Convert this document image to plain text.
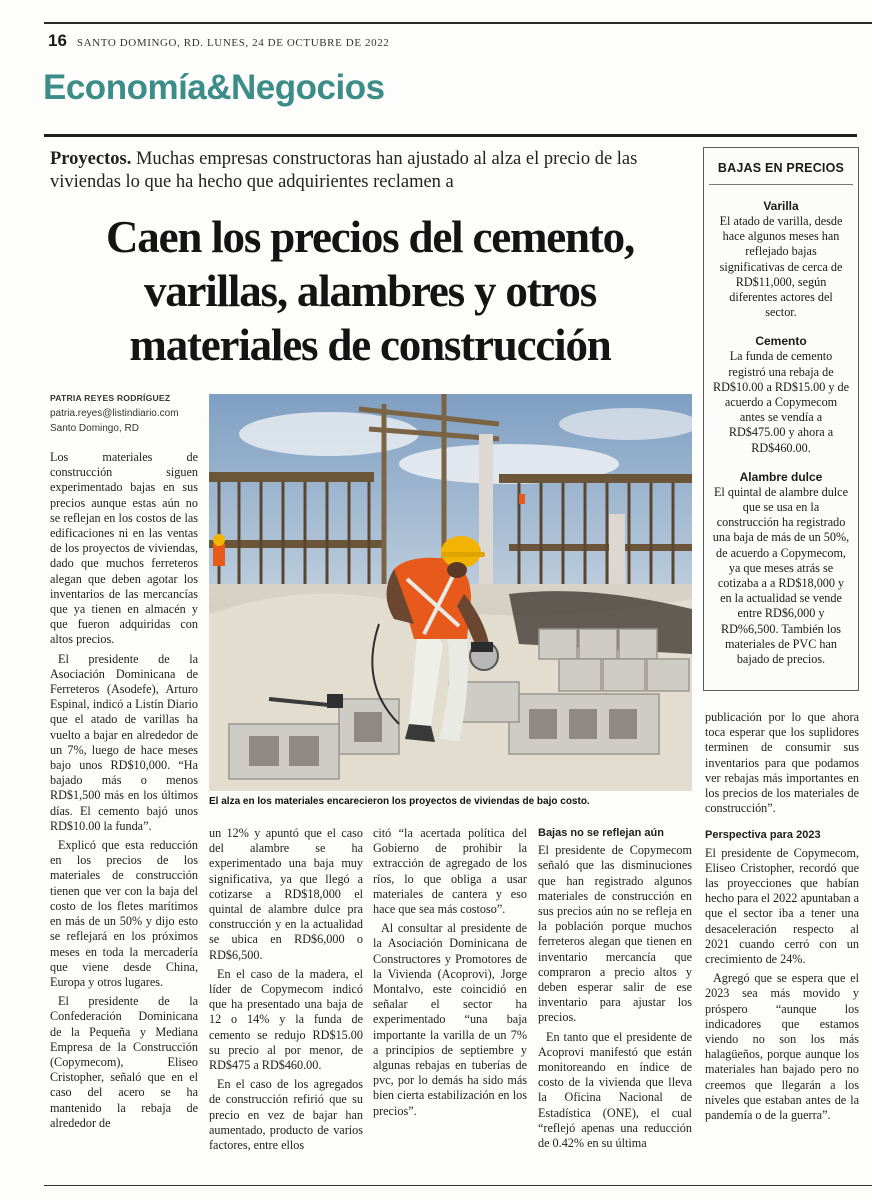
16 SANTO DOMINGO, RD. LUNES, 24 DE OCTUBRE DE 2022
Economía&Negocios
Proyectos. Muchas empresas constructoras han ajustado al alza el precio de las viviendas lo que ha hecho que adquirientes reclamen a
Caen los precios del cemento,
varillas, alambres y otros
materiales de construcción
PATRIA REYES RODRÍGUEZ
patria.reyes@listindiario.com
Santo Domingo, RD
El alza en los materiales encarecieron los proyectos de viviendas de bajo costo.

Los materiales de construcción siguen experimentado bajas en sus precios aunque estas aún no se reflejan en los costos de las edificaciones ni en las ventas de los proyectos de viviendas, dado que muchos ferreteros alegan que deben agotar los inventarios de las mercancías que ya tienen en almacén y que fueron adquiridas con altos precios.

El presidente de la Asociación Dominicana de Ferreteros (Asodefe), Arturo Espinal, indicó a Listín Diario que el atado de varillas ha vuelto a bajar en alrededor de un 7%, luego de hace meses bajo unos RD$10,000. “Ha bajado más o menos RD$1,500 más en los últimos días. El cemento bajó unos RD$10.00 la funda”.

Explicó que esta reducción en los precios de los materiales de construcción tienen que ver con la baja del costo de los fletes marítimos en más de un 50% y dijo esto se reflejará en los próximos meses en toda la mercadería que viene desde China, Europa y otros lugares.

El presidente de la Confederación Dominicana de la Pequeña y Mediana Empresa de la Construcción (Copymecom), Eliseo Cristopher, señaló que en el caso del acero se ha mantenido la rebaja de alrededor de

un 12% y apuntó que el caso del alambre se ha experimentado una baja muy significativa, ya que llegó a cotizarse a RD$18,000 el quintal de alambre dulce pra construcción y en la actualidad se ubica en RD$6,000 o RD$6,500.

En el caso de la madera, el líder de Copymecom indicó que ha presentado una baja de 12 o 14% y la funda de cemento se redujo RD$15.00 su precio al por menor, de RD$475 a RD$460.00.

En el caso de los agregados de construcción refirió que su precio en vez de bajar han aumentado, producto de varios factores, entre ellos

citó “la acertada política del Gobierno de prohibir la extracción de agregado de los ríos, lo que obliga a usar materiales de cantera y eso hace que sea más costoso”.

Al consultar al presidente de la Asociación Dominicana de Constructores y Promotores de la Vivienda (Acoprovi), Jorge Montalvo, este coincidió en señalar el sector ha experimentado “una baja importante la varilla de un 7% a principios de septiembre y algunas rebajas en tuberías de pvc, por lo demás ha sido más bien cierta estabilización en los precios”.

Bajas no se reflejan aún

El presidente de Copymecom señaló que las disminuciones que han registrado algunos materiales de construcción en sus precios aún no se refleja en la población porque muchos ferreteros alegan que tienen en inventario mercancía que compraron a precio altos y deben esperar salir de ese inventario para ajustar los precios.

En tanto que el presidente de Acoprovi manifestó que están monitoreando en índice de costo de la vivienda que lleva la Oficina Nacional de Estadística (ONE), el cual “reflejó apenas una reducción de 0.42% en su última

publicación por lo que ahora toca esperar que los suplidores terminen de consumir sus inventarios para que podamos ver rebajas más importantes en los precios de los materiales de construcción”.

Perspectiva para 2023

El presidente de Copymecom, Eliseo Cristopher, recordó que las proyecciones que habían hecho para el 2022 apuntaban a que el sector iba a tener una desaceleración respecto al 2021 cuando cerró con un crecimiento de 24%.

Agregó que se espera que el 2023 sea más movido y próspero “aunque los indicadores que estamos viendo no son los más halagüeños, porque aunque los materiales han bajado pero no creemos que llegarán a los niveles que estaban antes de la pandemía o de la guerra”.

BAJAS EN PRECIOS
Varilla

El atado de varilla, desde hace algunos meses han reflejado bajas significativas de cerca de RD$11,000, según diferentes actores del sector.

Cemento

La funda de cemento registró una rebaja de RD$10.00 a RD$15.00 y de acuerdo a Copymecom antes se vendía a RD$475.00 y ahora a RD$460.00.

Alambre dulce

El quintal de alambre dulce que se usa en la construcción ha registrado una baja de más de un 50%, de acuerdo a Copymecom, ya que meses atrás se cotizaba a a RD$18,000 y en la actualidad se vende entre RD$6,000 y RD%6,500. También los materiales de PVC han bajado de precios.
